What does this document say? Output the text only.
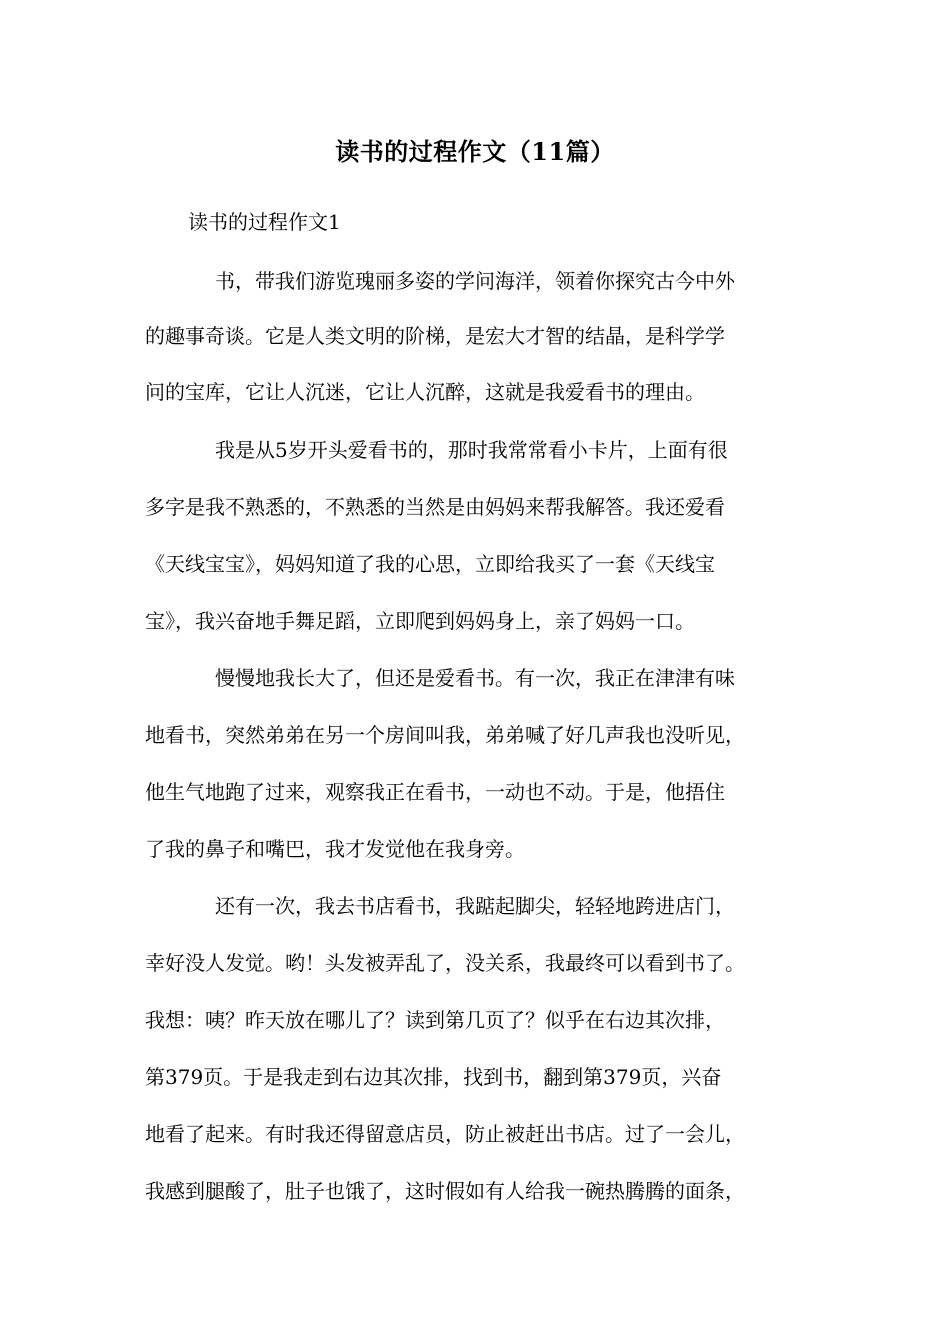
读书的过程作文（11篇）
读书的过程作文1
书，带我们游览瑰丽多姿的学问海洋，领着你探究古今中外
的趣事奇谈。它是人类文明的阶梯，是宏大才智的结晶，是科学学
问的宝库，它让人沉迷，它让人沉醉，这就是我爱看书的理由。
我是从5岁开头爱看书的，那时我常常看小卡片，上面有很
多字是我不熟悉的，不熟悉的当然是由妈妈来帮我解答。我还爱看
《天线宝宝》，妈妈知道了我的心思，立即给我买了一套《天线宝
宝》，我兴奋地手舞足蹈，立即爬到妈妈身上，亲了妈妈一口。
慢慢地我长大了，但还是爱看书。有一次，我正在津津有味
地看书，突然弟弟在另一个房间叫我，弟弟喊了好几声我也没听见，
他生气地跑了过来，观察我正在看书，一动也不动。于是，他捂住
了我的鼻子和嘴巴，我才发觉他在我身旁。
还有一次，我去书店看书，我踮起脚尖，轻轻地跨进店门，
幸好没人发觉。哟！头发被弄乱了，没关系，我最终可以看到书了。
我想：咦？昨天放在哪儿了？读到第几页了？似乎在右边其次排，
第379页。于是我走到右边其次排，找到书，翻到第379页，兴奋
地看了起来。有时我还得留意店员，防止被赶出书店。过了一会儿，
我感到腿酸了，肚子也饿了，这时假如有人给我一碗热腾腾的面条，
